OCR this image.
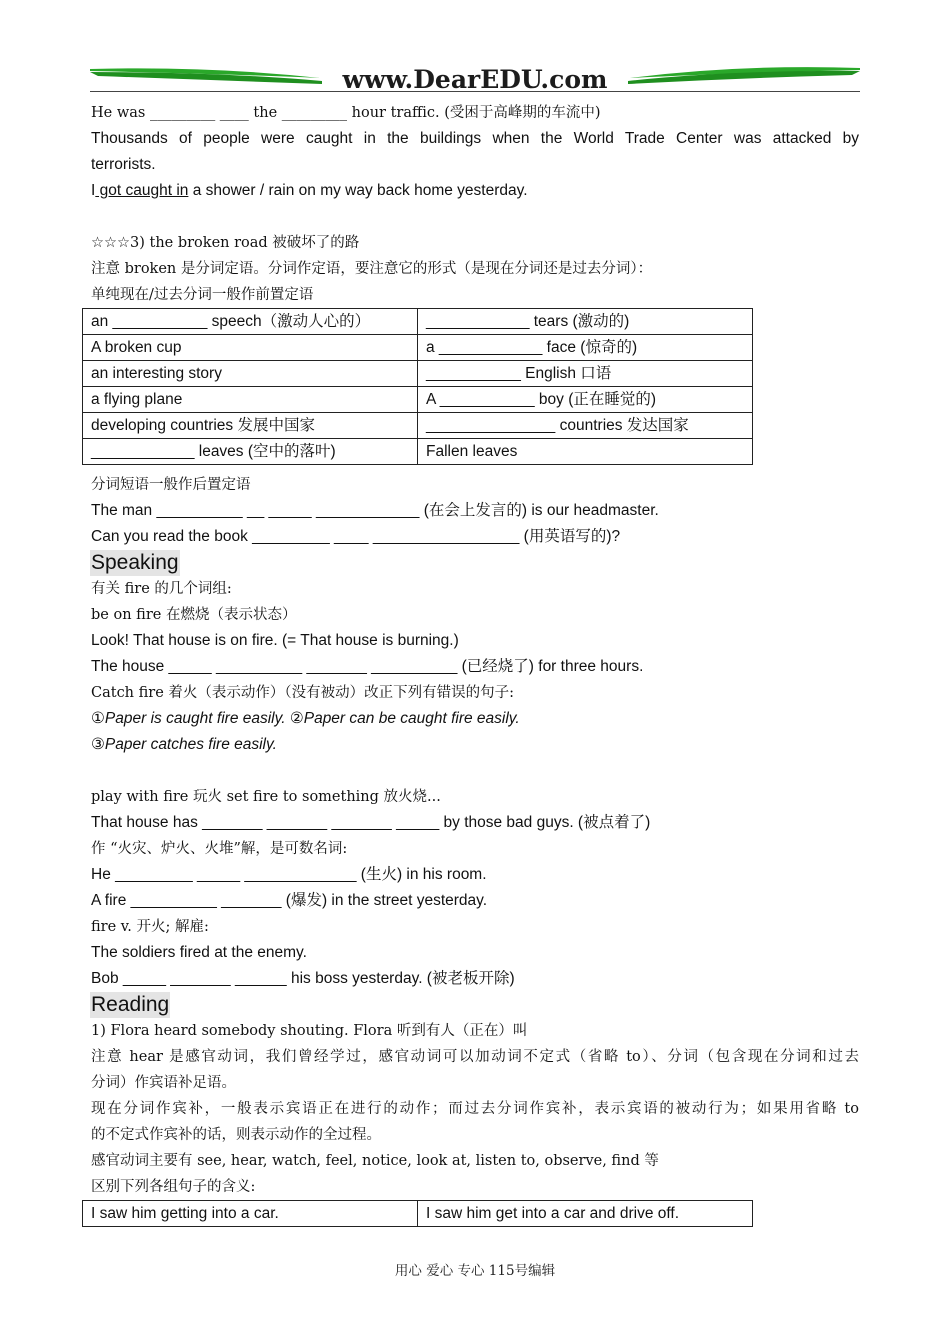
www.DearEDU.com
He was _________ ____ the _________ hour traffic. (受困于高峰期的车流中)
Thousands of people were caught in the buildings when the World Trade Center was attacked by
terrorists.
I got caught in a shower / rain on my way back home yesterday.
☆☆☆3) the broken road 被破坏了的路
注意 broken 是分词定语。分词作定语，要注意它的形式（是现在分词还是过去分词）：
单纯现在/过去分词一般作前置定语
an ___________ speech（激动人心的）	____________ tears (激动的)
A broken cup	a ____________ face (惊奇的)
an interesting story	___________ English 口语
a flying plane	A ___________ boy (正在睡觉的)
developing countries 发展中国家	_______________ countries 发达国家
____________ leaves (空中的落叶)	Fallen leaves
分词短语一般作后置定语
The man __________ __ _____ ____________ (在会上发言的) is our headmaster.
Can you read the book _________ ____ _________________ (用英语写的)?
Speaking
有关 fire 的几个词组:
be on fire 在燃烧（表示状态）
Look! That house is on fire. (= That house is burning.)
The house _____ __________ _______ __________ (已经烧了) for three hours.
Catch fire 着火（表示动作）（没有被动）改正下列有错误的句子:
①Paper is caught fire easily. ②Paper can be caught fire easily.
③Paper catches fire easily.
play with fire 玩火 set fire to something 放火烧...
That house has _______ _______ _______ _____ by those bad guys. (被点着了)
作 “火灾、炉火、火堆”解，是可数名词:
He _________ _____ _____________ (生火) in his room.
A fire __________ _______ (爆发) in the street yesterday.
fire v. 开火; 解雇:
The soldiers fired at the enemy.
Bob _____ _______ ______ his boss yesterday. (被老板开除)
Reading
1) Flora heard somebody shouting. Flora 听到有人（正在）叫
注意 hear 是感官动词，我们曾经学过，感官动词可以加动词不定式（省略 to）、分词（包含现在分词和过去
分词）作宾语补足语。
现在分词作宾补，一般表示宾语正在进行的动作；而过去分词作宾补，表示宾语的被动行为；如果用省略 to
的不定式作宾补的话，则表示动作的全过程。
感官动词主要有 see, hear, watch, feel, notice, look at, listen to, observe, find 等
区别下列各组句子的含义:
I saw him getting into a car.	I saw him get into a car and drive off.
用心 爱心 专心 115号编辑
